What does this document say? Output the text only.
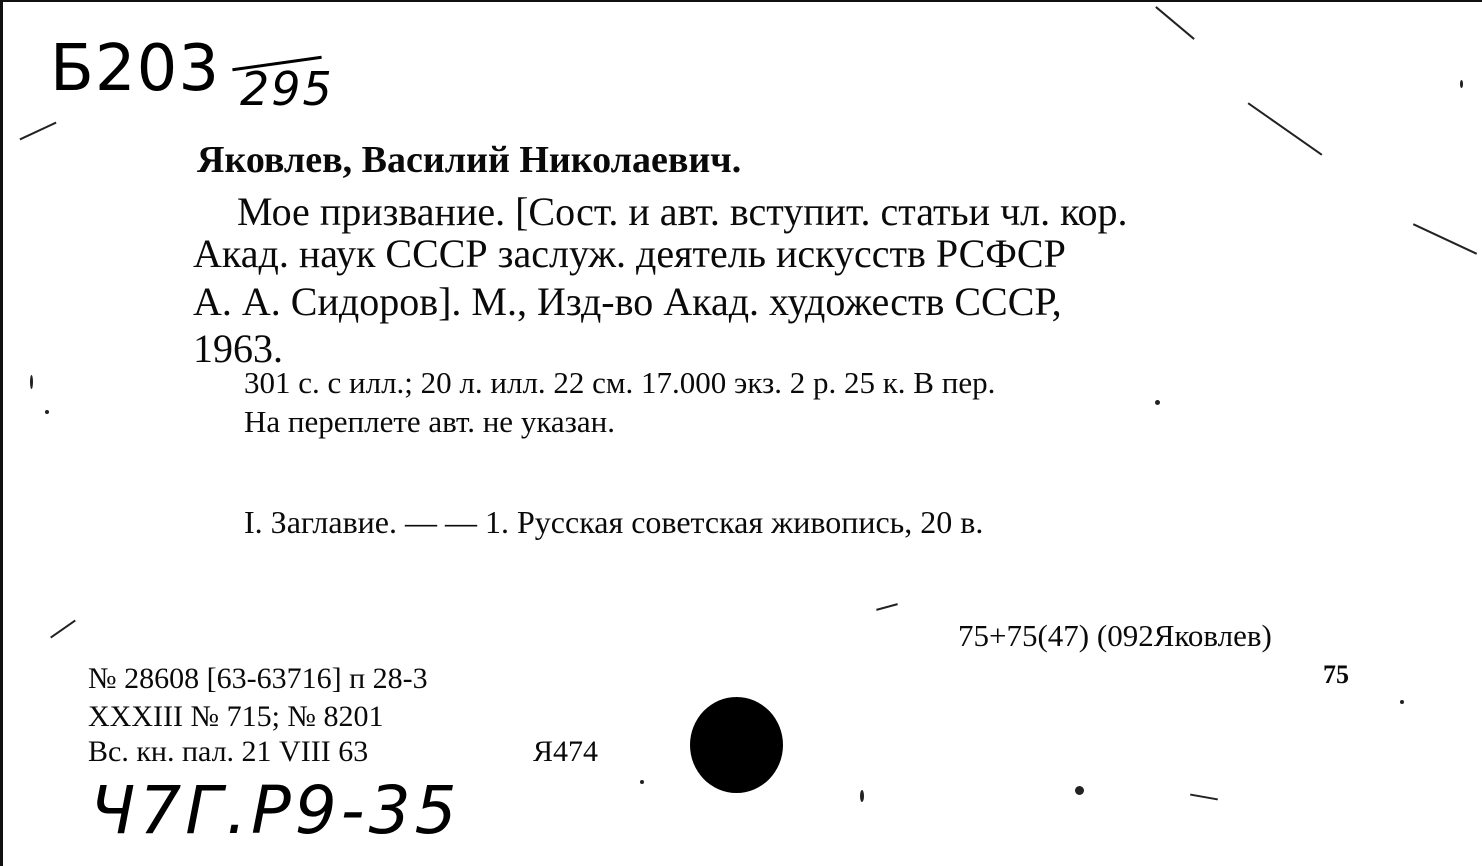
Б203 295
Яковлев, Василий Николаевич.
Мое призвание. [Сост. и авт. вступит. статьи чл. кор.
Акад. наук СССР заслуж. деятель искусств РСФСР
А. А. Сидоров]. М., Изд-во Акад. художеств СССР,
1963.
301 с. с илл.; 20 л. илл. 22 см. 17.000 экз. 2 р. 25 к. В пер.
На переплете авт. не указан.
I. Заглавие. — — 1. Русская советская живопись, 20 в.
75+75(47) (092Яковлев)
75
№ 28608 [63-63716] п 28-3
XXXIII № 715; № 8201
Вс. кн. пал. 21 VIII 63	Я474
Ч7Г.Р9-35
